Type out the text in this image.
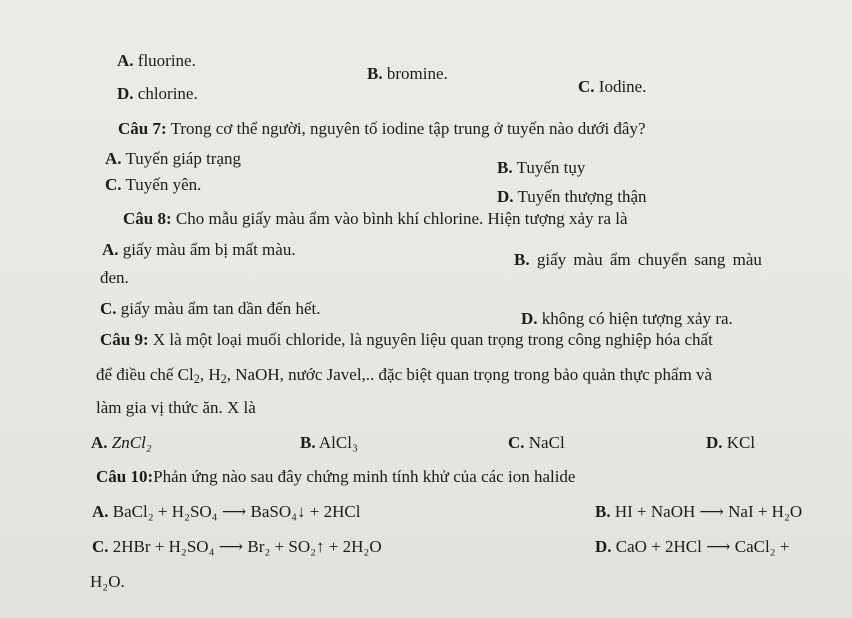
A. fluorine.
B. bromine.
C. Iodine.
D. chlorine.
Câu 7: Trong cơ thể người, nguyên tố iodine tập trung ở tuyến nào dưới đây?
A. Tuyến giáp trạng	B. Tuyến tụy
C. Tuyến yên.
D. Tuyến thượng thận
Câu 8: Cho mẫu giấy màu ẩm vào bình khí chlorine. Hiện tượng xảy ra là
A. giấy màu ẩm bị mất màu.
B. giấy màu ẩm chuyển sang màu
đen.
C. giấy màu ẩm tan dần đến hết.
D. không có hiện tượng xảy ra.
Câu 9: X là một loại muối chloride, là nguyên liệu quan trọng trong công nghiệp hóa chất
để điều chế $Cl_2$, $H_2$, NaOH, nước Javel,.. đặc biệt quan trọng trong bảo quản thực phẩm và
làm gia vị thức ăn. X là
A. ZnCl₂	B. AlCl₃	C. NaCl	D. KCl
Câu 10:Phản ứng nào sau đây chứng minh tính khử của các ion halide
A. BaCl₂ + H₂SO₄ ⟶ BaSO₄↓ + 2HCl	B. HI + NaOH ⟶ NaI + H₂O
C. 2HBr + H₂SO₄ ⟶ Br₂ + SO₂↑ + 2H₂O	D. CaO + 2HCl ⟶ CaCl₂ +
H₂O.
